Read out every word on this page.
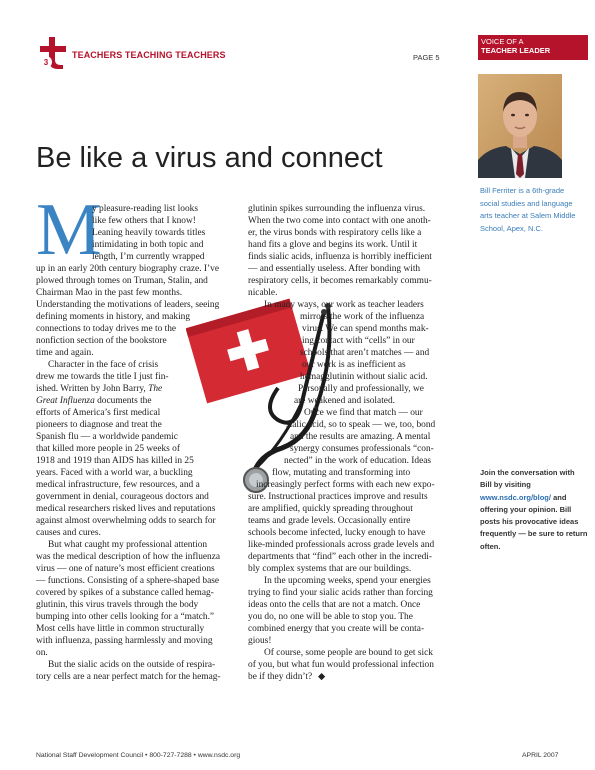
3
TEACHERS TEACHING TEACHERS	PAGE 5
VOICE OF A
TEACHER LEADER
Bill Ferriter is a 6th-grade social studies and language arts teacher at Salem Middle School, Apex, N.C.
Join the conversation with Bill by visiting www.nsdc.org/blog/ and offering your opinion. Bill posts his provocative ideas frequently — be sure to return often.
Be like a virus and connect
M
y pleasure-reading list looks
like few others that I know!
Leaning heavily towards titles
intimidating in both topic and
length, I’m currently wrapped
up in an early 20th century biography craze. I’ve
plowed through tomes on Truman, Stalin, and
Chairman Mao in the past few months.
Understanding the motivations of leaders, seeing
defining moments in history, and making
connections to today drives me to the
nonfiction section of the bookstore
time and again.
Character in the face of crisis
drew me towards the title I just fin-
ished. Written by John Barry, The
Great Influenza documents the
efforts of America’s first medical
pioneers to diagnose and treat the
Spanish flu — a worldwide pandemic
that killed more people in 25 weeks of
1918 and 1919 than AIDS has killed in 25
years. Faced with a world war, a buckling
medical infrastructure, few resources, and a
government in denial, courageous doctors and
medical researchers risked lives and reputations
against almost overwhelming odds to search for
causes and cures.
But what caught my professional attention
was the medical description of how the influenza
virus — one of nature’s most efficient creations
— functions. Consisting of a sphere-shaped base
covered by spikes of a substance called hemag-
glutinin, this virus travels through the body
bumping into other cells looking for a “match.”
Most cells have little in common structurally
with influenza, passing harmlessly and moving
on.
But the sialic acids on the outside of respira-
tory cells are a near perfect match for the hemag-
glutinin spikes surrounding the influenza virus.
When the two come into contact with one anoth-
er, the virus bonds with respiratory cells like a
hand fits a glove and begins its work. Until it
finds sialic acids, influenza is horribly inefficient
— and essentially useless. After bonding with
respiratory cells, it becomes remarkably commu-
nicable.
In many ways, our work as teacher leaders
mirrors the work of the influenza
virus. We can spend months mak-
ing contact with “cells” in our
schools that aren’t matches — and
our work is as inefficient as
hemagglutinin without sialic acid.
Personally and professionally, we
are weakened and isolated.
Once we find that match — our
sialic acid, so to speak — we, too, bond
and the results are amazing. A mental
synergy consumes professionals “con-
nected” in the work of education. Ideas
flow, mutating and transforming into
increasingly perfect forms with each new expo-
sure. Instructional practices improve and results
are amplified, quickly spreading throughout
teams and grade levels. Occasionally entire
schools become infected, lucky enough to have
like-minded professionals across grade levels and
departments that “find” each other in the incredi-
bly complex systems that are our buildings.
In the upcoming weeks, spend your energies
trying to find your sialic acids rather than forcing
ideas onto the cells that are not a match. Once
you do, no one will be able to stop you. The
combined energy that you create will be conta-
gious!
Of course, some people are bound to get sick
of you, but what fun would professional infection
be if they didn’t? ◆
National Staff Development Council • 800-727-7288 • www.nsdc.org	APRIL 2007
